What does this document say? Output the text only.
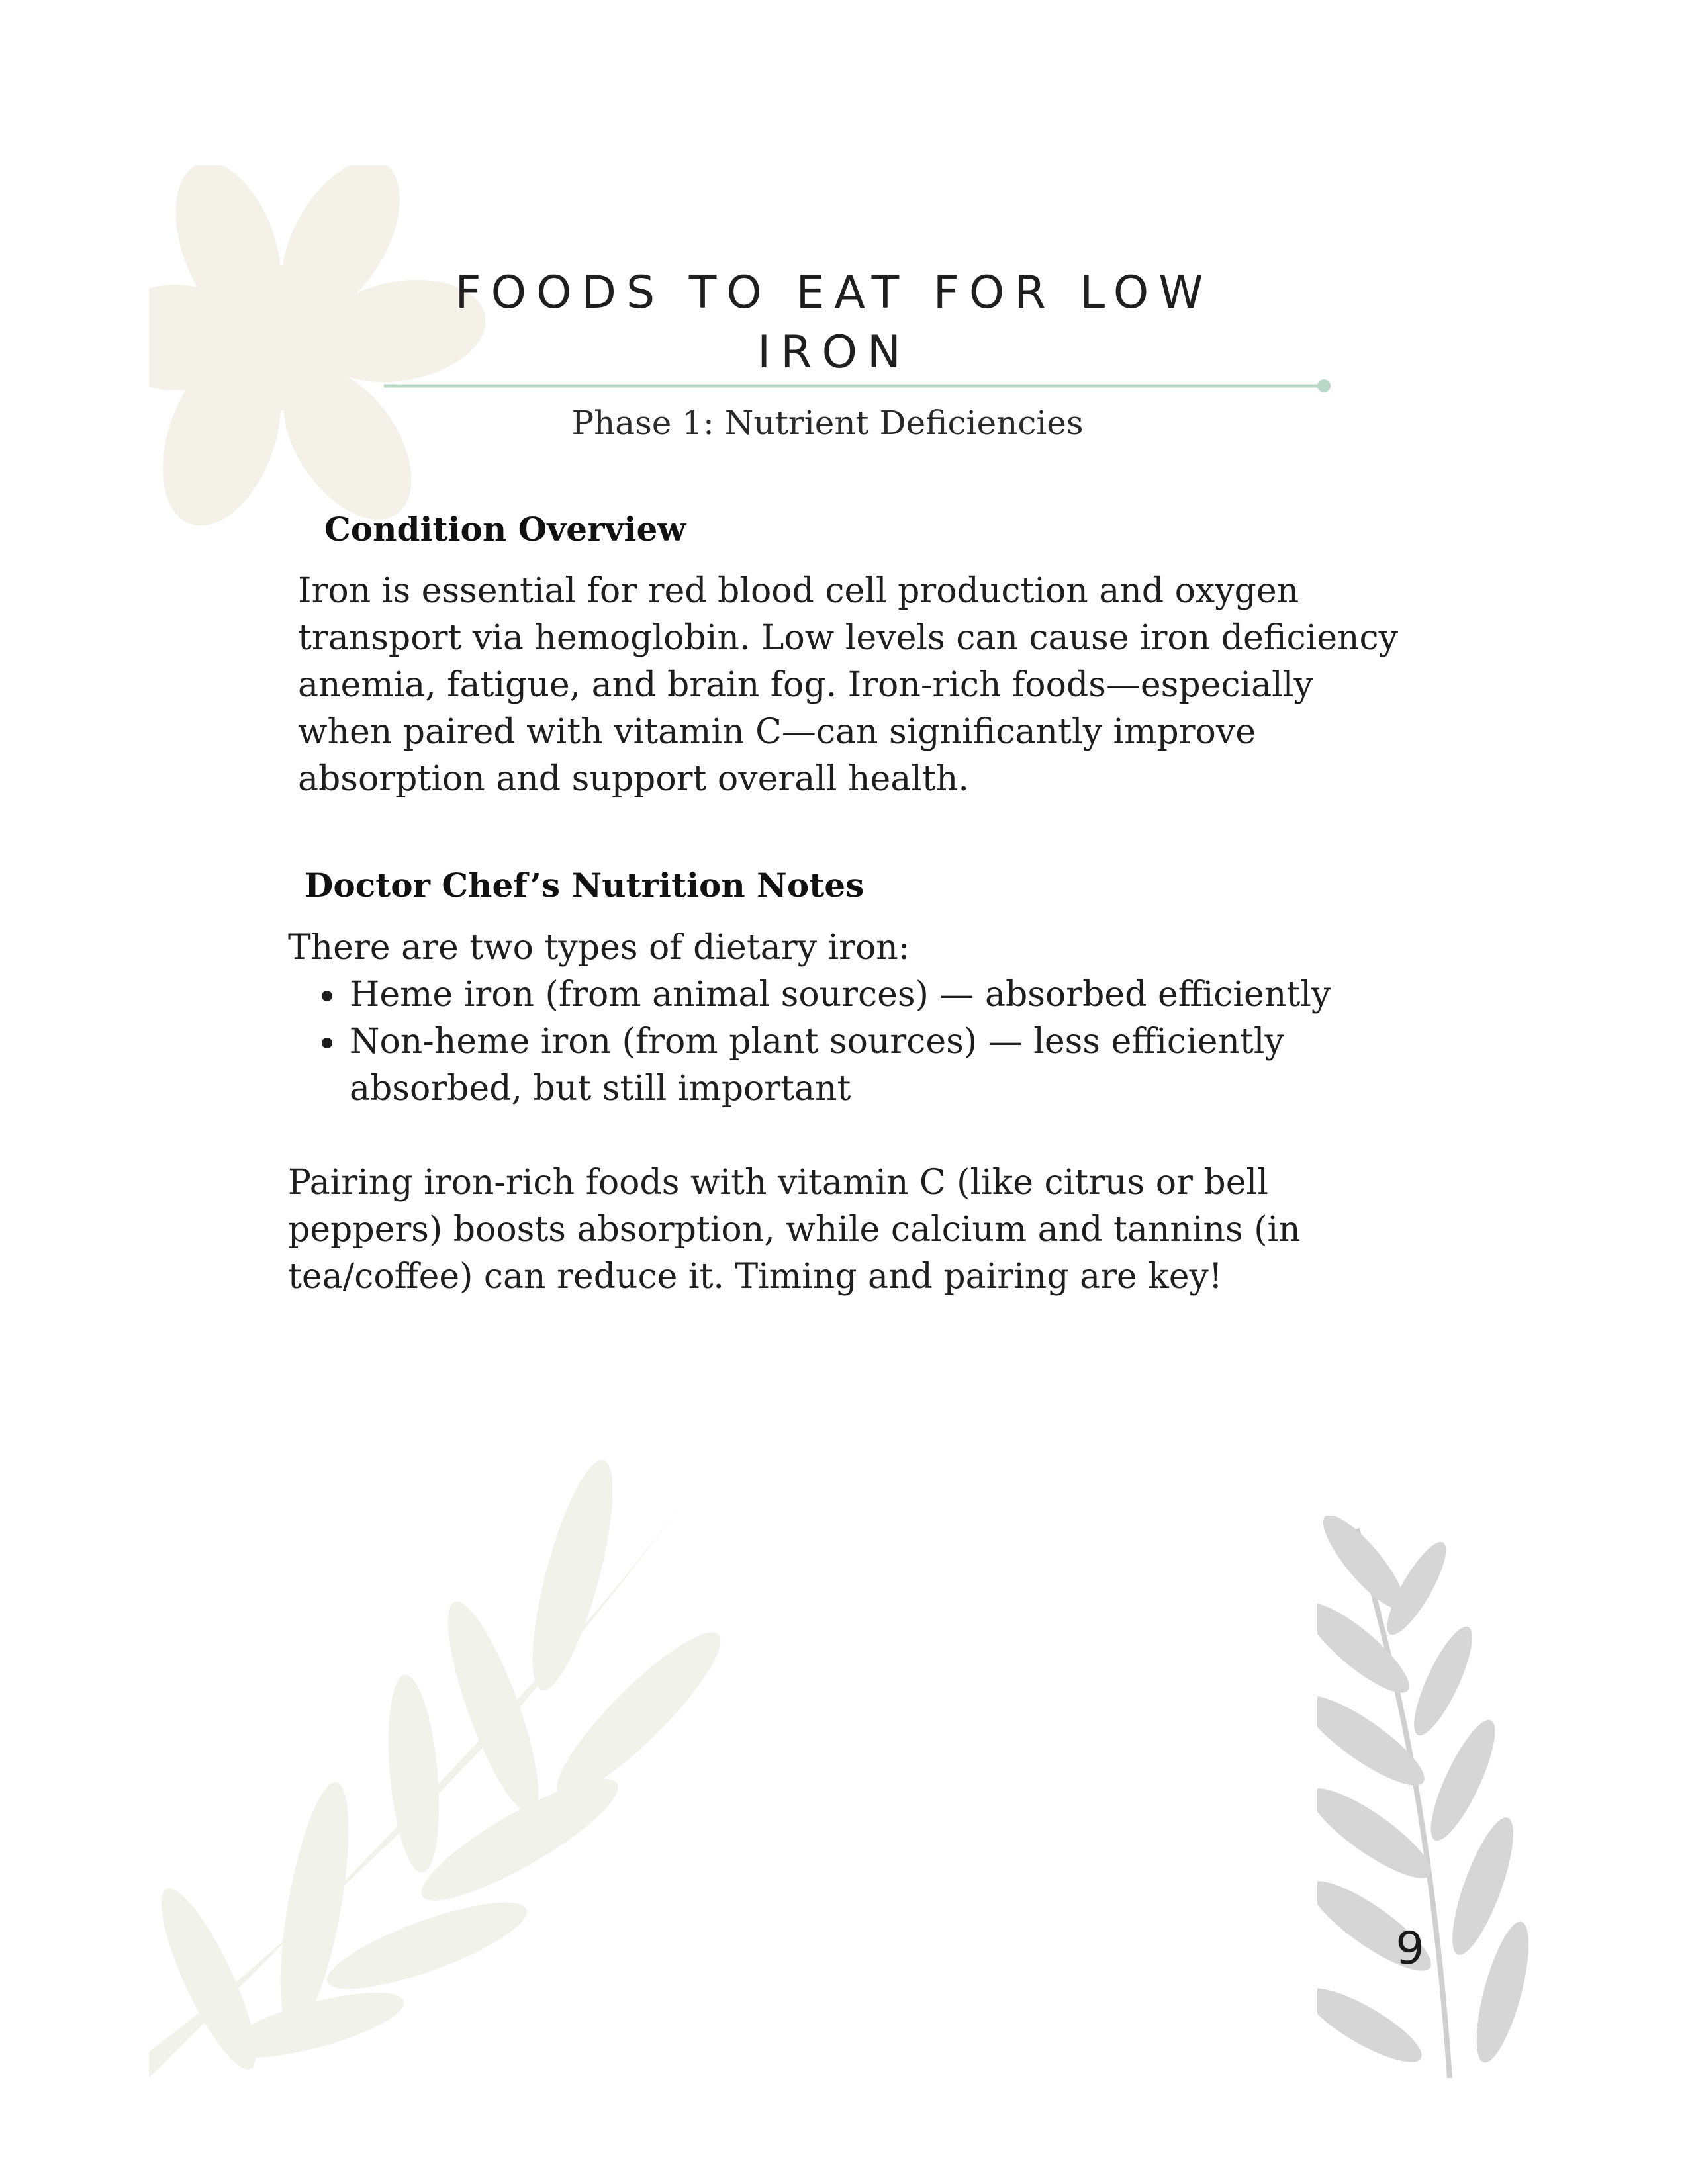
FOODS TO EAT FOR LOW IRON
Phase 1: Nutrient Deficiencies
Condition Overview
Iron is essential for red blood cell production and oxygen transport via hemoglobin. Low levels can cause iron deficiency anemia, fatigue, and brain fog. Iron-rich foods—especially when paired with vitamin C—can significantly improve absorption and support overall health.
Doctor Chef’s Nutrition Notes
There are two types of dietary iron:
• Heme iron (from animal sources) — absorbed efficiently
• Non-heme iron (from plant sources) — less efficiently absorbed, but still important
Pairing iron-rich foods with vitamin C (like citrus or bell peppers) boosts absorption, while calcium and tannins (in tea/coffee) can reduce it. Timing and pairing are key!
9
